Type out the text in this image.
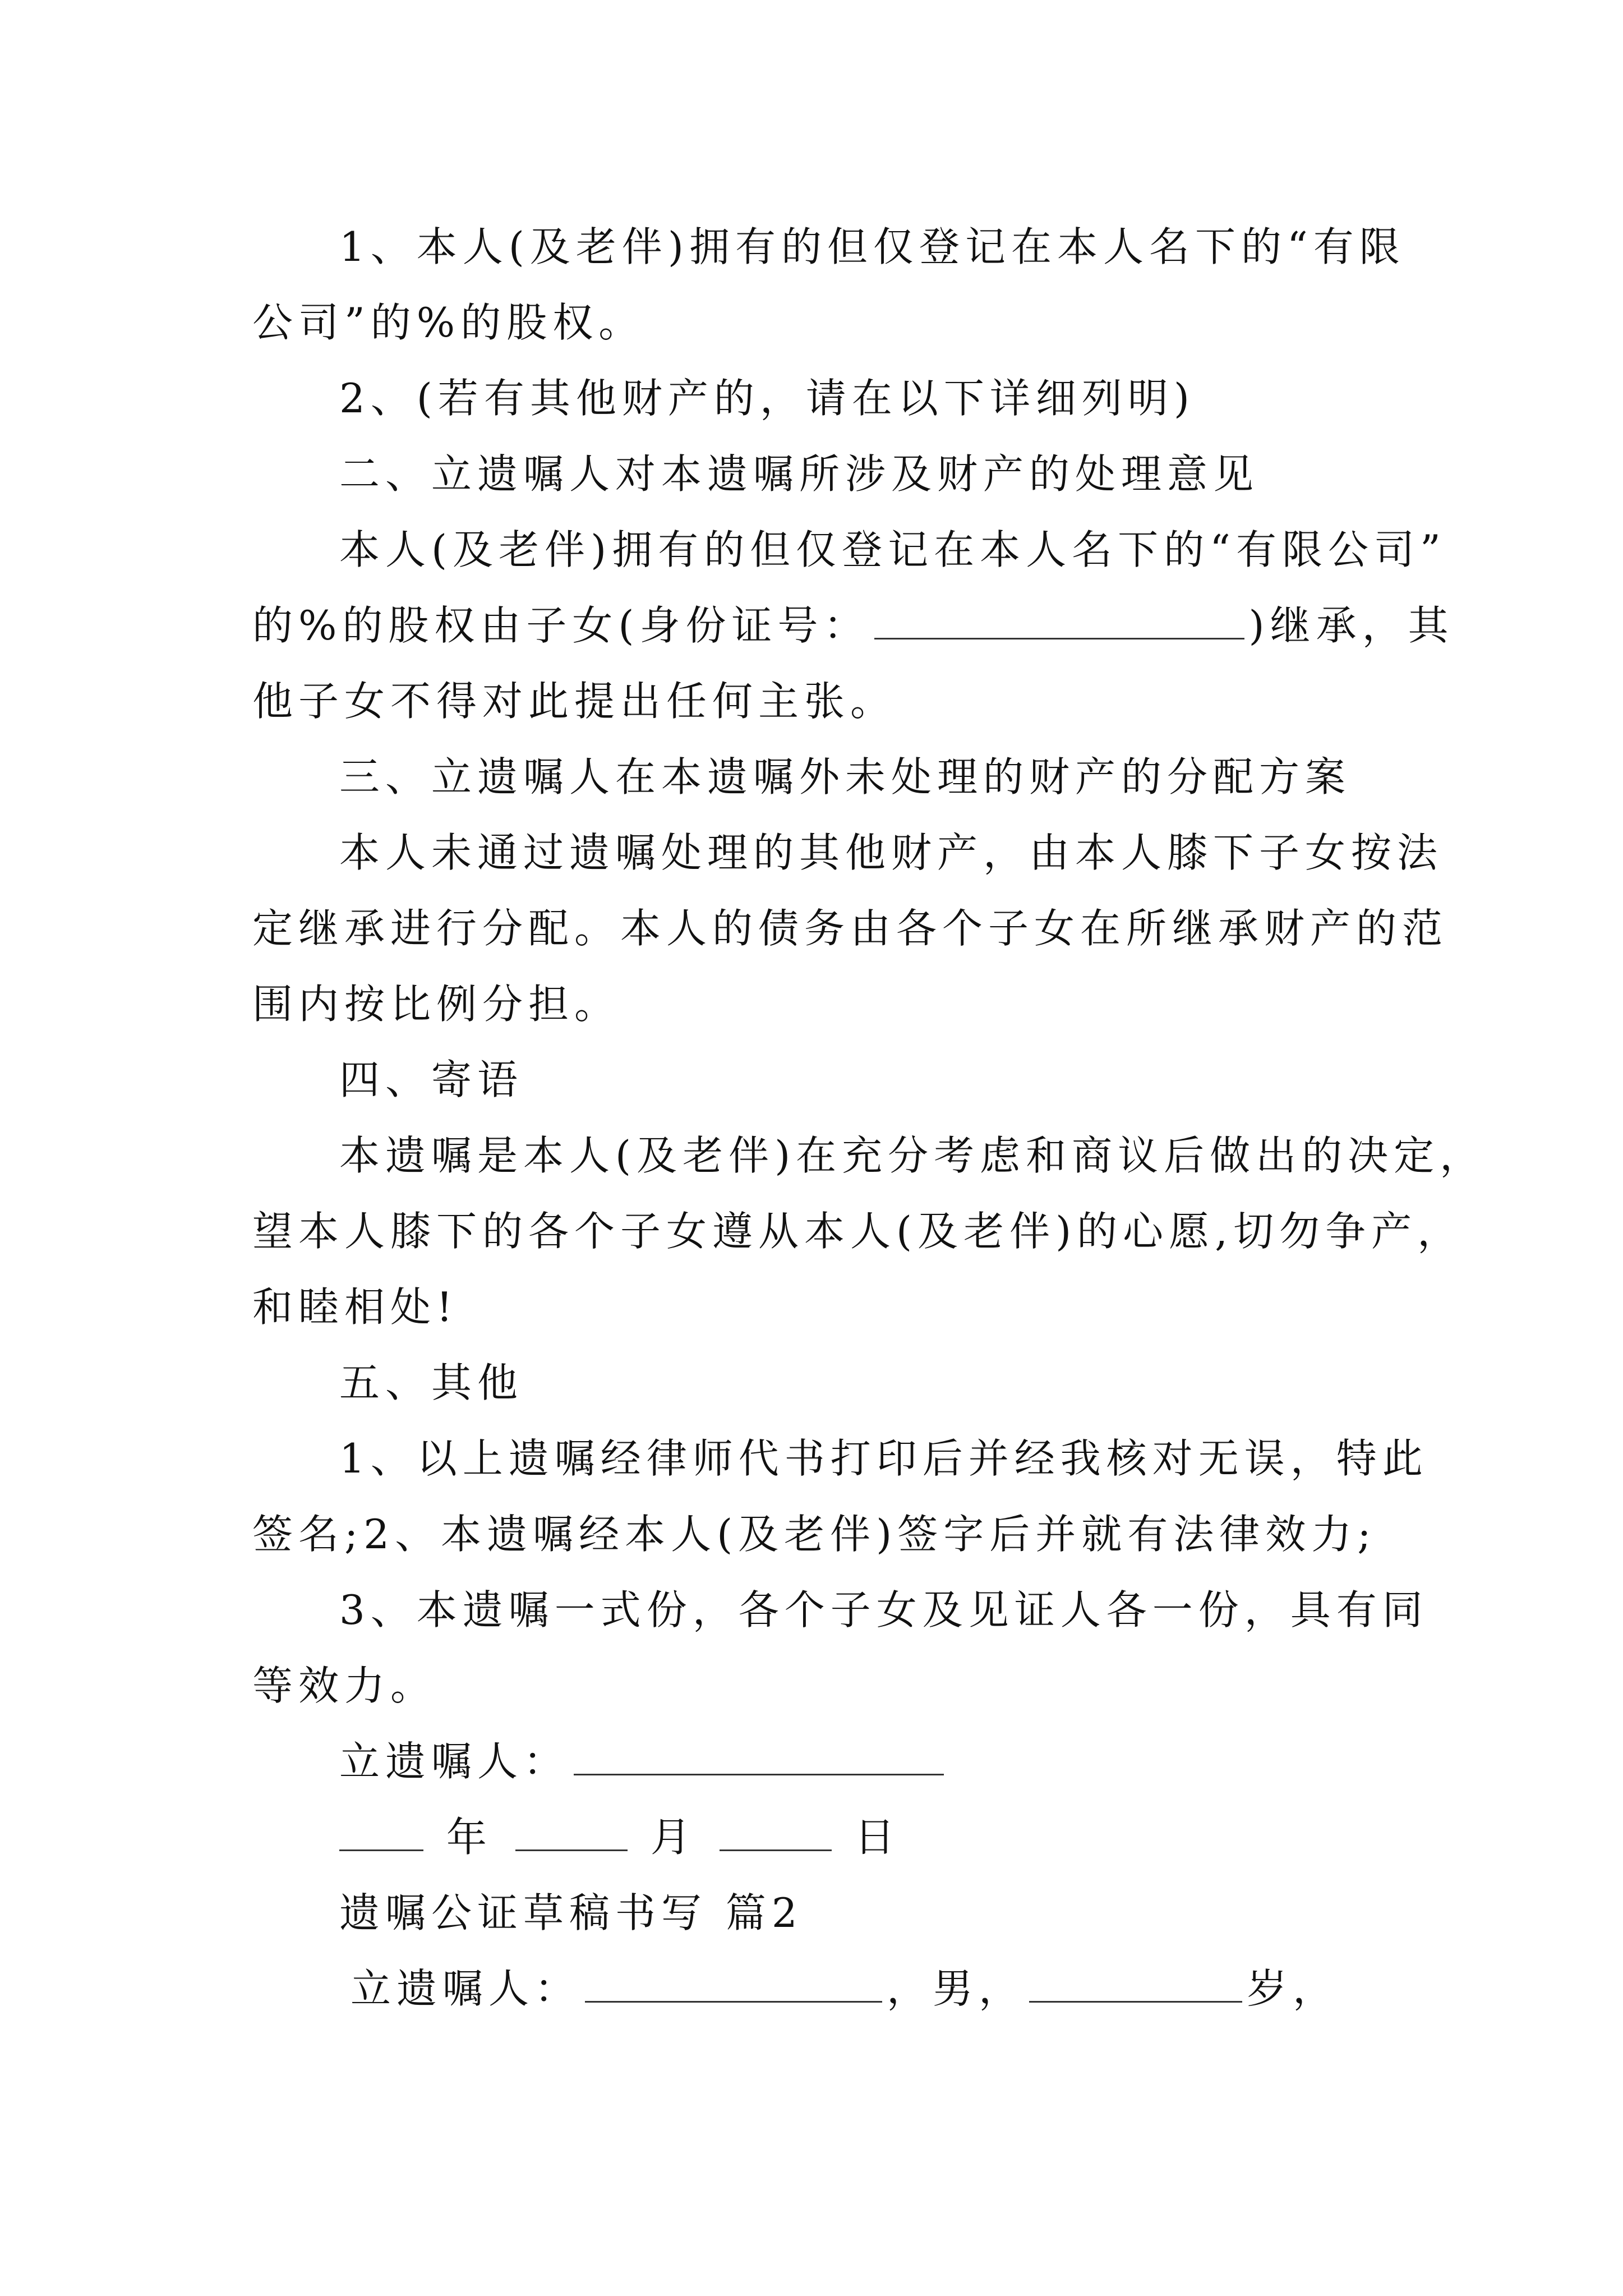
1、本人(及老伴)拥有的但仅登记在本人名下的“有限
公司”的%的股权。
2、(若有其他财产的，请在以下详细列明)
二、立遗嘱人对本遗嘱所涉及财产的处理意见
本人(及老伴)拥有的但仅登记在本人名下的“有限公司”
的%的股权由子女(身份证号：	)继承，其
他子女不得对此提出任何主张。
三、立遗嘱人在本遗嘱外未处理的财产的分配方案
本人未通过遗嘱处理的其他财产，由本人膝下子女按法
定继承进行分配。本人的债务由各个子女在所继承财产的范
围内按比例分担。
四、寄语
本遗嘱是本人(及老伴)在充分考虑和商议后做出的决定，
望本人膝下的各个子女遵从本人(及老伴)的心愿,切勿争产，
和睦相处!
五、其他
1、以上遗嘱经律师代书打印后并经我核对无误，特此
签名;2、本遗嘱经本人(及老伴)签字后并就有法律效力;
3、本遗嘱一式份，各个子女及见证人各一份，具有同
等效力。
立遗嘱人：
年	月	日
遗嘱公证草稿书写 篇2
立遗嘱人：	，男，	岁，
